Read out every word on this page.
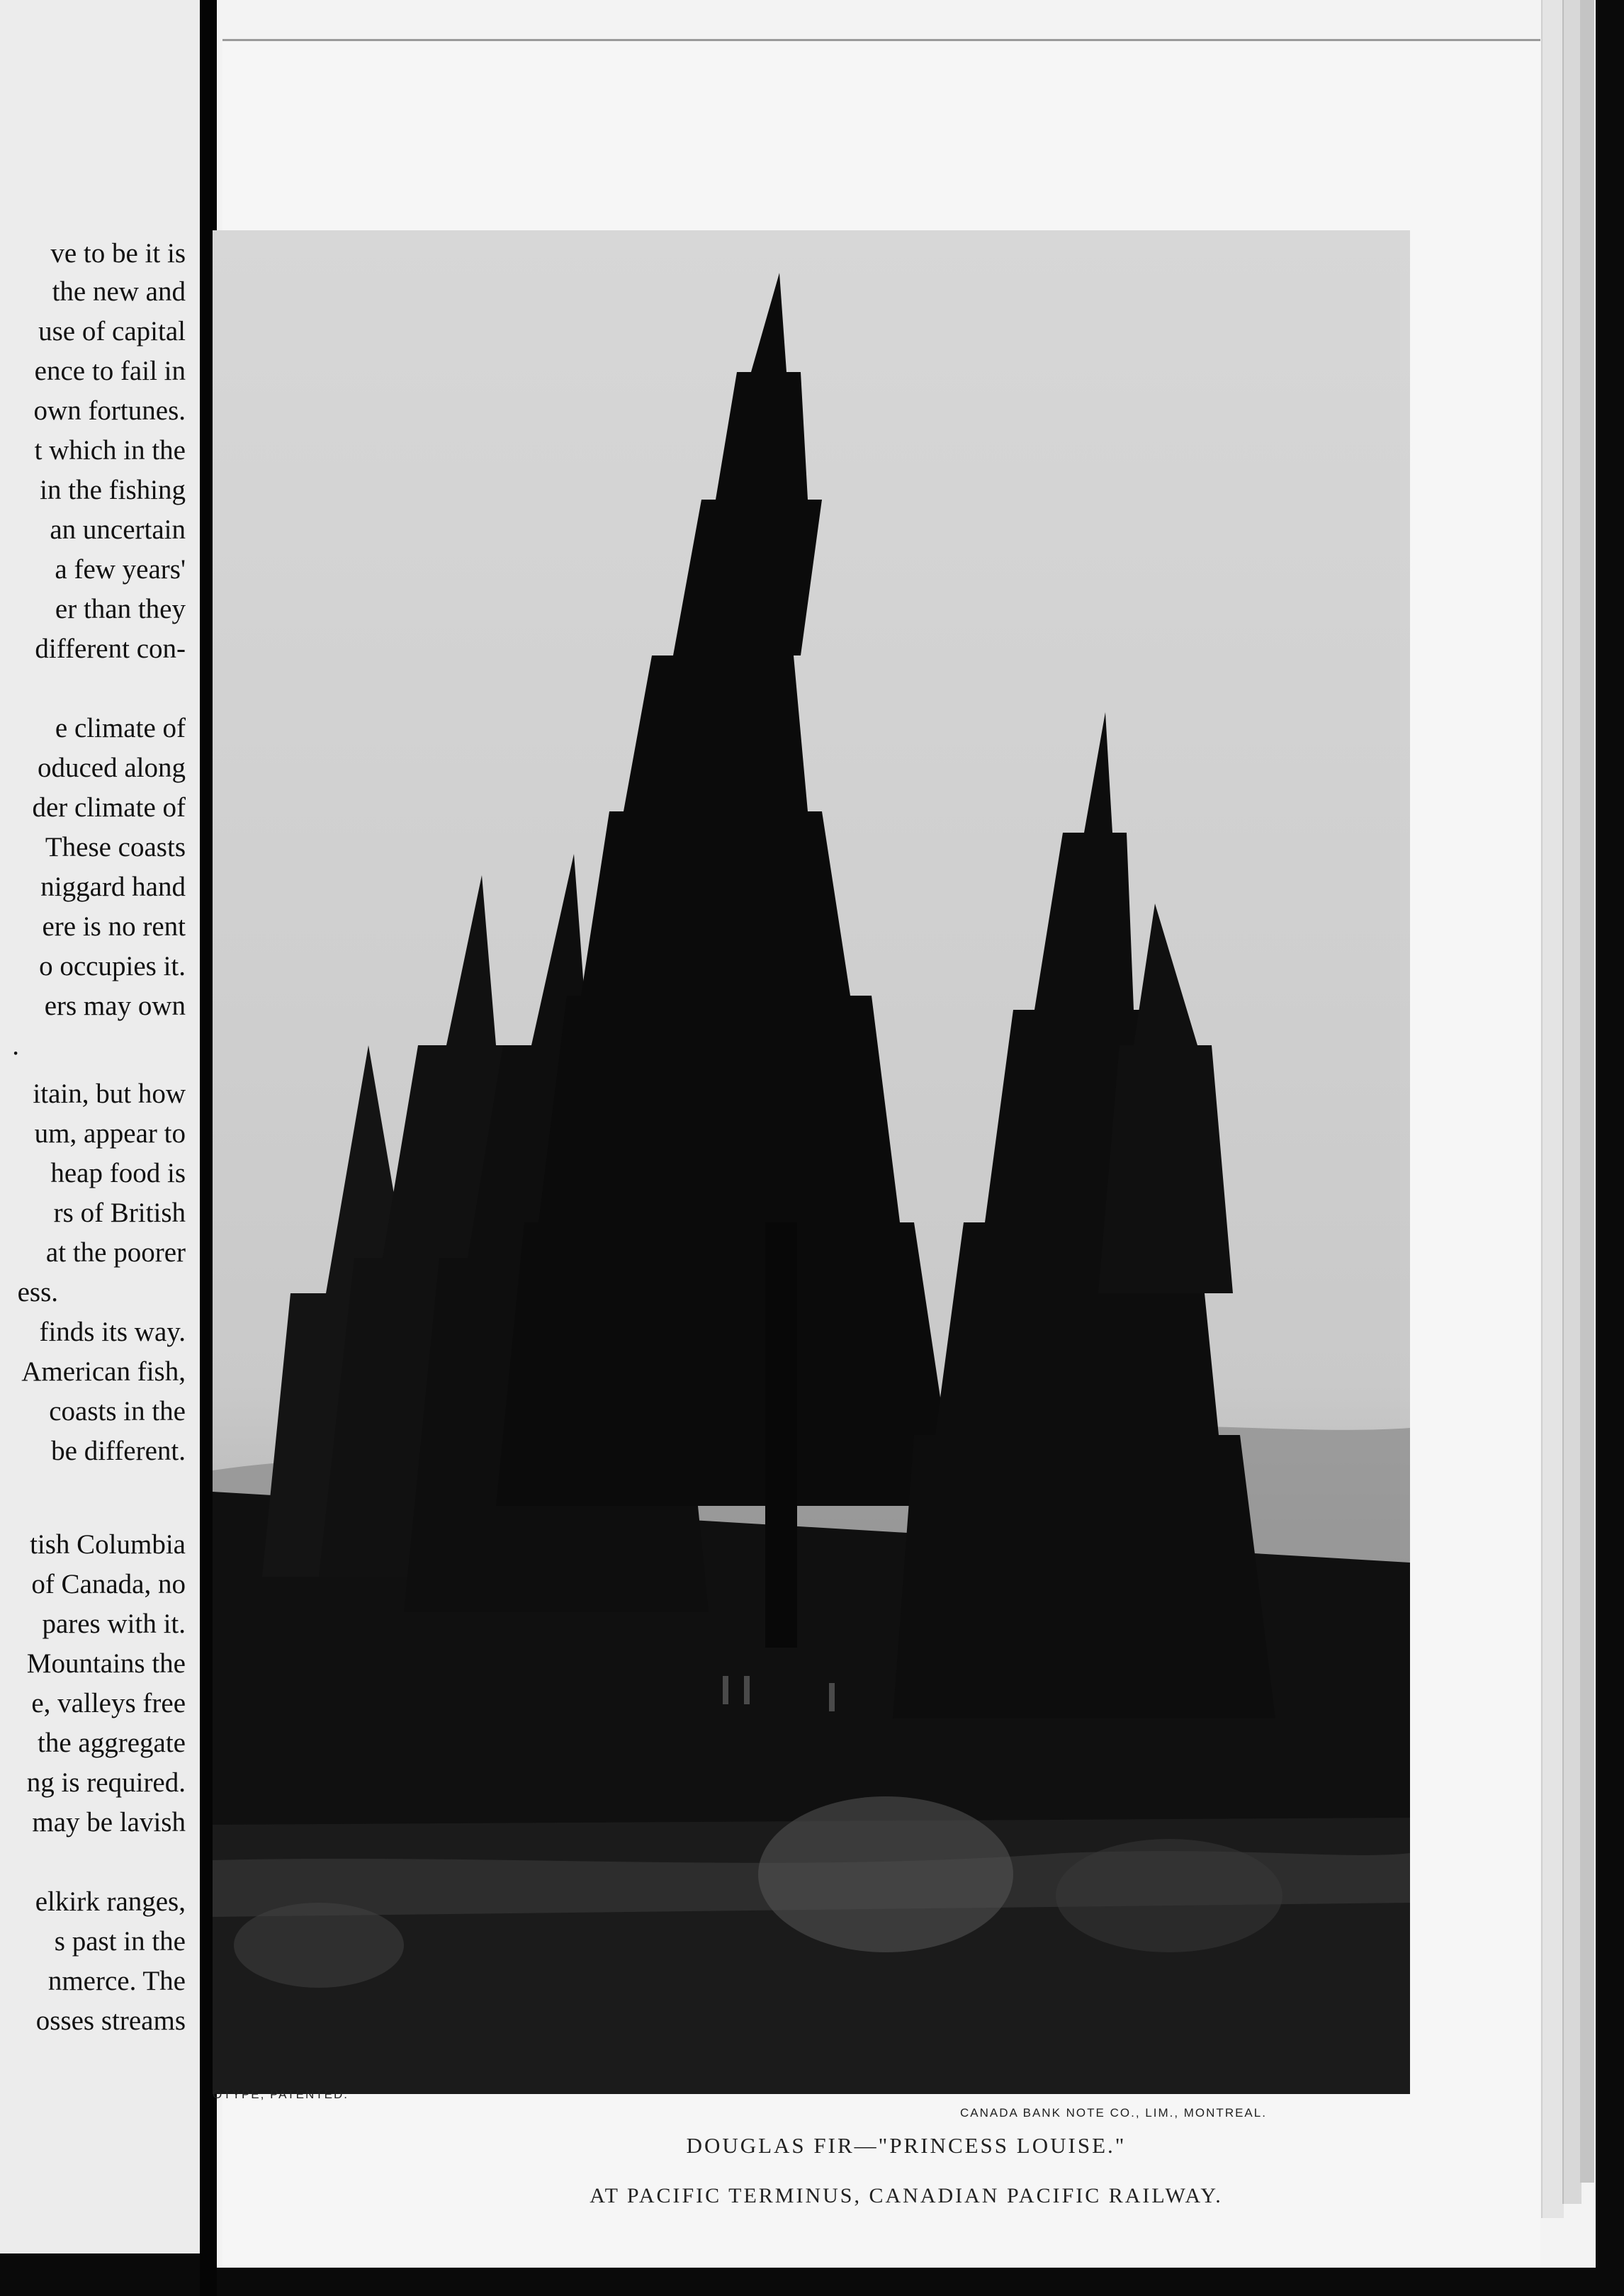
ve to be it is
the new and
use of capital
ence to fail in
own fortunes.
t which in the
in the fishing
an uncertain
a few years'
er than they
different con-
e climate of
oduced along
der climate of
These coasts
niggard hand
ere is no rent
o occupies it.
ers may own
.
itain, but how
um, appear to
heap food is
rs of British
at the poorer
ess.
finds its way.
American fish,
coasts in the
be different.
tish Columbia
of Canada, no
pares with it.
Mountains the
e, valleys free
the aggregate
ng is required.
may be lavish
elkirk ranges,
s past in the
nmerce. The
osses streams
OTYPE, PATENTED.
CANADA BANK NOTE CO., LIM., MONTREAL.
DOUGLAS FIR—"PRINCESS LOUISE."
AT PACIFIC TERMINUS, CANADIAN PACIFIC RAILWAY.
